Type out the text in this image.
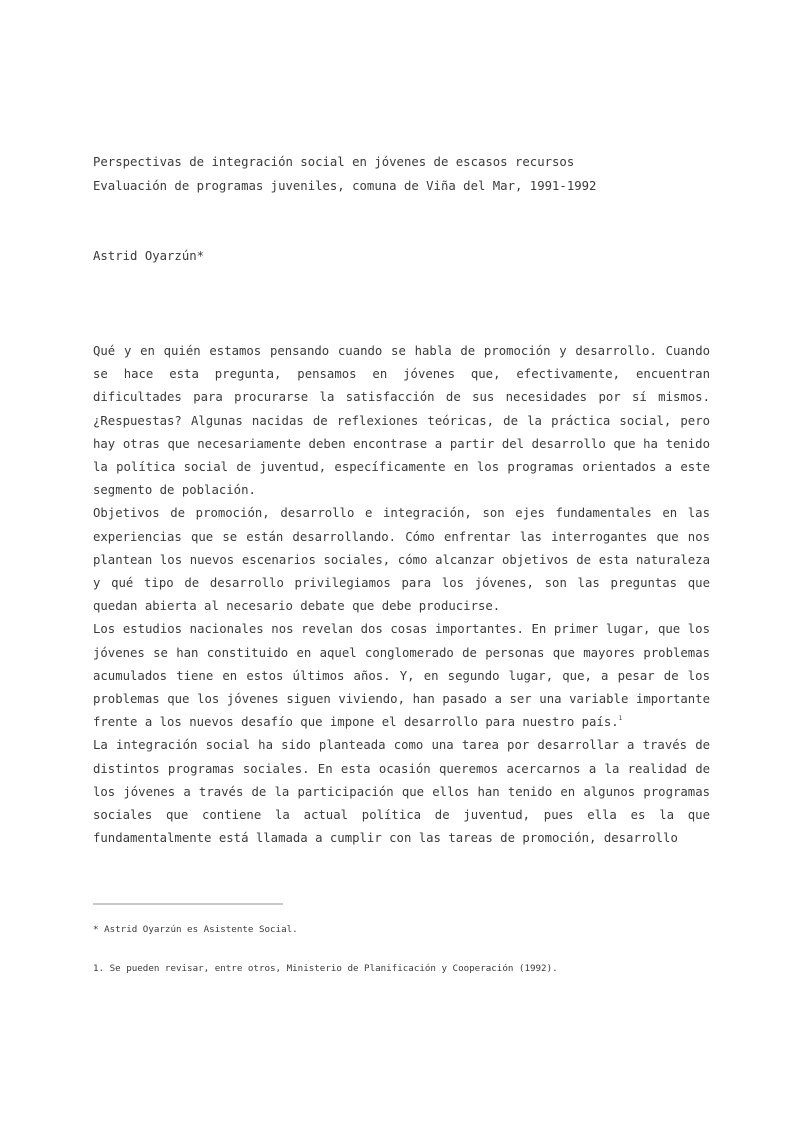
Perspectivas de integración social en jóvenes de escasos recursos
Evaluación de programas juveniles, comuna de Viña del Mar, 1991-1992
Astrid Oyarzún*

Qué y en quién estamos pensando cuando se habla de promoción y desarrollo. Cuando se hace esta pregunta, pensamos en jóvenes que, efectivamente, encuentran dificultades para procurarse la satisfacción de sus necesidades por sí mismos. ¿Respuestas? Algunas nacidas de reflexiones teóricas, de la práctica social, pero hay otras que necesariamente deben encontrase a partir del desarrollo que ha tenido la política social de juventud, específicamente en los programas orientados a este segmento de población.

Objetivos de promoción, desarrollo e integración, son ejes fundamentales en las experiencias que se están desarrollando. Cómo enfrentar las interrogantes que nos plantean los nuevos escenarios sociales, cómo alcanzar objetivos de esta naturaleza y qué tipo de desarrollo privilegiamos para los jóvenes, son las preguntas que quedan abierta al necesario debate que debe producirse.

Los estudios nacionales nos revelan dos cosas importantes. En primer lugar, que los jóvenes se han constituido en aquel conglomerado de personas que mayores problemas acumulados tiene en estos últimos años. Y, en segundo lugar, que, a pesar de los problemas que los jóvenes siguen viviendo, han pasado a ser una variable importante frente a los nuevos desafío que impone el desarrollo para nuestro país.$^1$

La integración social ha sido planteada como una tarea por desarrollar a través de distintos programas sociales. En esta ocasión queremos acercarnos a la realidad de los jóvenes a través de la participación que ellos han tenido en algunos programas sociales que contiene la actual política de juventud, pues ella es la que fundamentalmente está llamada a cumplir con las tareas de promoción, desarrollo

* Astrid Oyarzún es Asistente Social.

1. Se pueden revisar, entre otros, Ministerio de Planificación y Cooperación (1992).
